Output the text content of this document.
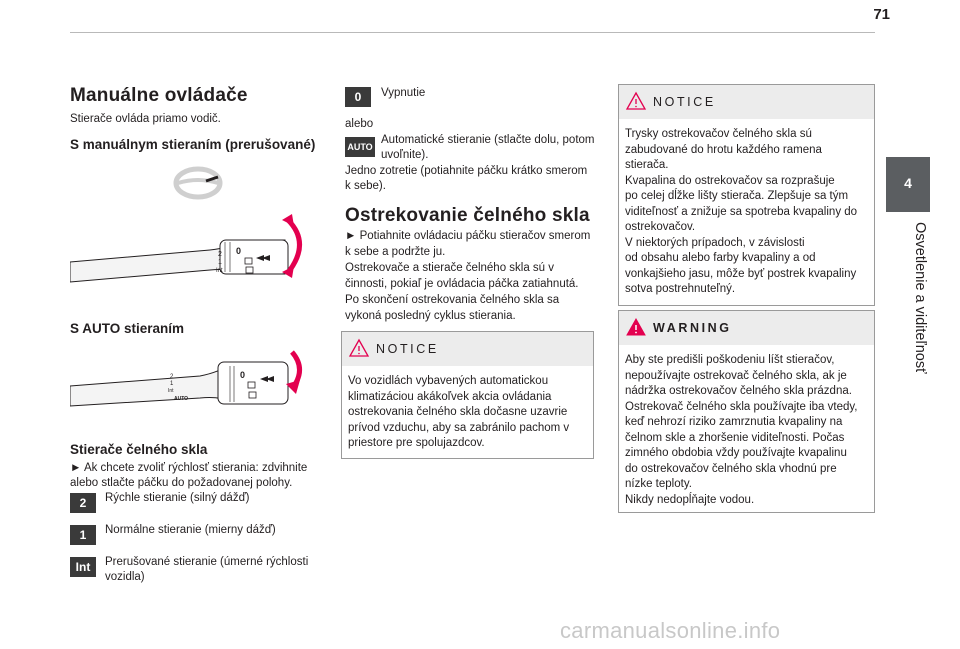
71
4
Osvetlenie a viditeľnosť
Manuálne ovládače
Stierače ovláda priamo vodič.
S manuálnym stieraním (prerušované)
2
1
Int
0
S AUTO stieraním
2
1
Int
AUTO
0
Stierače čelného skla
► Ak chcete zvoliť rýchlosť stierania: zdvihnite
alebo stlačte páčku do požadovanej polohy.
2	Rýchle stieranie (silný dážď)
1	Normálne stieranie (mierny dážď)
Int	Prerušované stieranie (úmerné rýchlosti
vozidla)
0	Vypnutie
alebo
AUTO
Automatické stieranie (stlačte dolu, potom
uvoľnite).
Jedno zotretie (potiahnite páčku krátko smerom
k sebe).
Ostrekovanie čelného skla
► Potiahnite ovládaciu páčku stieračov smerom
k sebe a podržte ju.
Ostrekovače a stierače čelného skla sú v
činnosti, pokiaľ je ovládacia páčka zatiahnutá.
Po skončení ostrekovania čelného skla sa
vykoná posledný cyklus stierania.
NOTICE
Vo vozidlách vybavených automatickou
klimatizáciou akákoľvek akcia ovládania
ostrekovania čelného skla dočasne uzavrie
prívod vzduchu, aby sa zabránilo pachom v
priestore pre spolujazdcov.
NOTICE
Trysky ostrekovačov čelného skla sú
zabudované do hrotu každého ramena
stierača.
Kvapalina do ostrekovačov sa rozprašuje
po celej dĺžke lišty stierača. Zlepšuje sa tým
viditeľnosť a znižuje sa spotreba kvapaliny do
ostrekovačov.
V niektorých prípadoch, v závislosti
od obsahu alebo farby kvapaliny a od
vonkajšieho jasu, môže byť postrek kvapaliny
sotva postrehnuteľný.
WARNING
Aby ste predišli poškodeniu líšt stieračov,
nepoužívajte ostrekovač čelného skla, ak je
nádržka ostrekovačov čelného skla prázdna.
Ostrekovač čelného skla používajte iba vtedy,
keď nehrozí riziko zamrznutia kvapaliny na
čelnom skle a zhoršenie viditeľnosti. Počas
zimného obdobia vždy používajte kvapalinu
do ostrekovačov čelného skla vhodnú pre
nízke teploty.
Nikdy nedopĺňajte vodou.
carmanualsonline.info
